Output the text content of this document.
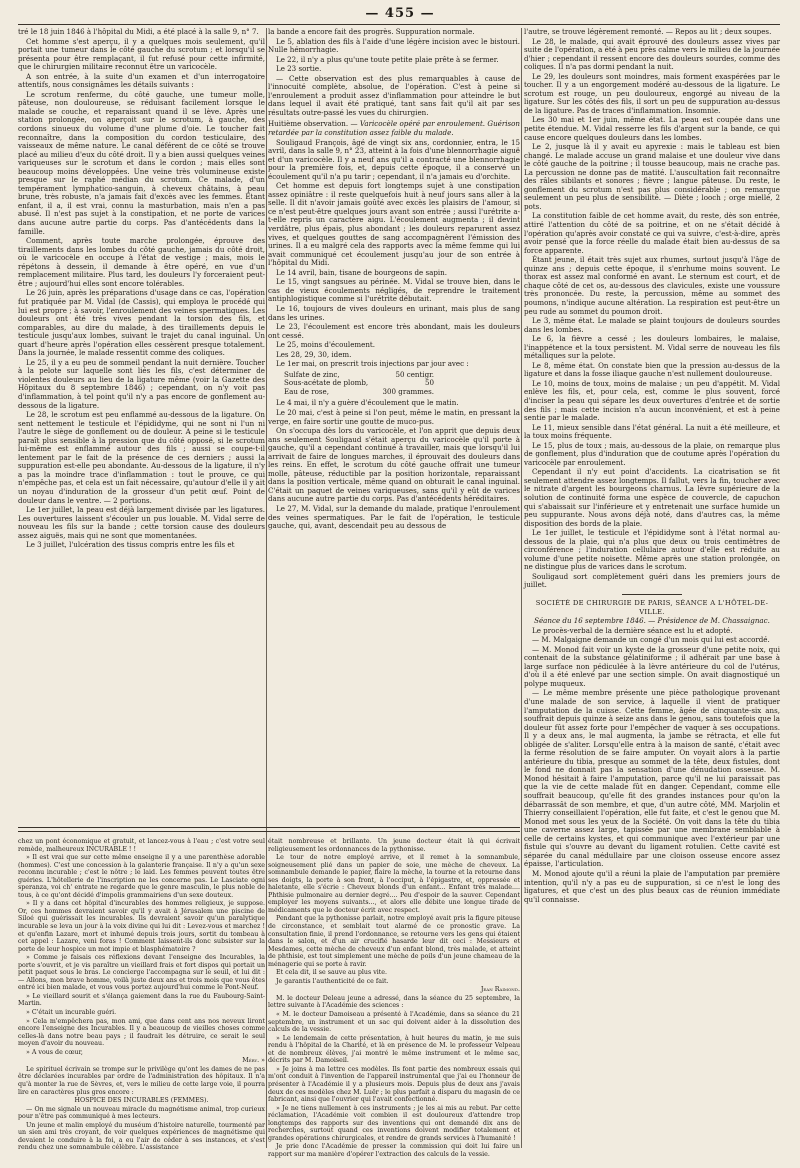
— 455 —

tré le 18 juin 1846 à l'hôpital du Midi, a été placé à la salle 9, n° 7.

Cet homme s'est aperçu, il y a quelques mois seulement, qu'il portait une tumeur dans le côté gauche du scrotum ; et lorsqu'il se présenta pour être remplaçant, il fut refusé pour cette infirmité, que le chirurgien militaire reconnut être un varicocèle.

A son entrée, à la suite d'un examen et d'un interrogatoire attentifs, nous consignâmes les détails suivants :

Le scrotum renferme, du côté gauche, une tumeur molle, pâteuse, non douloureuse, se réduisant facilement lorsque le malade se couche, et reparaissant quand il se lève. Après une station prolongée, on aperçoit sur le scrotum, à gauche, des cordons sinueux du volume d'une plume d'oie. Le toucher fait reconnaître, dans la composition du cordon testiculaire, des vaisseaux de même nature. Le canal déférent de ce côté se trouve placé au milieu d'eux du côté droit. Il y a bien aussi quelques veines variqueuses sur le scrotum et dans le cordon ; mais elles sont beaucoup moins développées. Une veine très volumineuse existe presque sur le raphé médian du scrotum. Ce malade, d'un tempérament lymphatico-sanguin, à cheveux châtains, à peau brune, très robuste, n'a jamais fait d'excès avec les femmes. Étant enfant, il a, il est vrai, connu la masturbation, mais n'en a pas abusé. Il n'est pas sujet à la constipation, et ne porte de varices dans aucune autre partie du corps. Pas d'antécédents dans la famille.

Comment, après toute marche prolongée, éprouve des tiraillements dans les lombes du côté gauche, jamais du côté droit, où le varicocèle en occupe à l'état de vestige ; mais, mois le répétons à dessein, il demande à être opéré, en vue d'un remplacement militaire. Plus tard, les douleurs l'y forceraient peut-être ; aujourd'hui elles sont encore tolérables.

Le 26 juin, après les préparations d'usage dans ce cas, l'opération fut pratiquée par M. Vidal (de Cassis), qui employa le procédé qui lui est propre ; à savoir, l'enroulement des veines spermatiques. Les douleurs ont été très vives pendant la torsion des fils, et comparables, au dire du malade, à des tiraillements depuis le testicule jusqu'aux lombes, suivant le trajet du canal inguinal. Un quart d'heure après l'opération elles cessèrent presque totalement. Dans la journée, le malade ressentit comme des coliques.

Le 25, il y a eu peu de sommeil pendant la nuit dernière. Toucher à la pelote sur laquelle sont liés les fils, c'est déterminer de violentes douleurs au lieu de la ligature même (voir la Gazette des Hôpitaux du 8 septembre 1846) ; cependant, on n'y voit pas d'inflammation, à tel point qu'il n'y a pas encore de gonflement au-dessous de la ligature.

Le 28, le scrotum est peu enflammé au-dessous de la ligature. On sent nettement le testicule et l'épididyme, qui ne sont ni l'un ni l'autre le siège de gonflement ou de douleur. A peine si le testicule paraît plus sensible à la pression que du côté opposé, si le scrotum lui-même est enflammé autour des fils ; aussi se coupe-t-il lentement par le fait de la présence de ces derniers ; aussi la suppuration est-elle peu abondante. Au-dessous de la ligature, il n'y a pas la moindre trace d'inflammation : tout le prouve, ce qui n'empêche pas, et cela est un fait nécessaire, qu'autour d'elle il y ait un noyau d'induration de la grosseur d'un petit œuf. Point de douleur dans le ventre. — 2 portions.

Le 1er juillet, la peau est déjà largement divisée par les ligatures. Les ouvertures laissent s'écouler un pus louable. M. Vidal serre de nouveau les fils sur la bande ; cette torsion cause des douleurs assez aiguës, mais qui ne sont que momentanées.

Le 3 juillet, l'ulcération des tissus compris entre les fils et

la bande a encore fait des progrès. Suppuration normale.

Le 5, ablation des fils à l'aide d'une légère incision avec le bistouri. Nulle hémorrhagie.

Le 22, il n'y a plus qu'une toute petite plaie prête à se fermer.

Le 23 sortie.

— Cette observation est des plus remarquables à cause de l'innocuité complète, absolue, de l'opération. C'est à peine si l'enroulement a produit assez d'inflammation pour atteindre le but dans lequel il avait été pratiqué, tant sans fait qu'il ait par ses résultats outre-passé les vues du chirurgien.

Huitième observation. — Varicocèle opéré par enroulement. Guérison retardée par la constitution assez faible du malade.

Souligaud François, âgé de vingt six ans, cordonnier, entra, le 15 avril, dans la salle 9, n° 23, atteint à la fois d'une blennorrhagie aiguë et d'un varicocèle. Il y a neuf ans qu'il a contracté une blennorrhagie pour la première fois, et, depuis cette époque, il a conservé un écoulement qu'il n'a pu tarir ; cependant, il n'a jamais eu d'orchite.

Cet homme est depuis fort longtemps sujet à une constipation assez opiniâtre : il reste quelquefois huit à neuf jours sans aller à la selle. Il dit n'avoir jamais goûté avec excès les plaisirs de l'amour, si ce n'est peut-être quelques jours avant son entrée ; aussi l'urétrite a-t-elle repris un caractère aigu. L'écoulement augmenta ; il devint verdâtre, plus épais, plus abondant ; les douleurs reparurent assez vives, et quelques gouttes de sang accompagnèrent l'émission des urines. Il a eu malgré cela des rapports avec la même femme qui lui avait communiqué cet écoulement jusqu'au jour de son entrée à l'hôpital du Midi.

Le 14 avril, bain, tisane de bourgeons de sapin.

Le 15, vingt sangsues au périnée. M. Vidal se trouve bien, dans le cas de vieux écoulements négligés, de reprendre le traitement antiphlogistique comme si l'urétrite débutait.

Le 16, toujours de vives douleurs en urinant, mais plus de sang dans les urines.

Le 23, l'écoulement est encore très abondant, mais les douleurs ont cessé.

Le 25, moins d'écoulement.

Les 28, 29, 30, idem.

Le 1er mai, on prescrit trois injections par jour avec :

Sulfate de zinc,	50 centigr.
Sous-acétate de plomb,	50
Eau de rose,	300 grammes.

Le 4 mai, il n'y a guère d'écoulement que le matin.

Le 20 mai, c'est à peine si l'on peut, même le matin, en pressant la verge, en faire sortir une goutte de muco-pus.

On s'occupa dès lors du varicocèle, et l'on apprit que depuis deux ans seulement Souligaud s'était aperçu du varicocèle qu'il porte à gauche, qu'il a cependant continué à travailler, mais que lorsqu'il lui arrivait de faire de longues marches, il éprouvait des douleurs dans les reins. En effet, le scrotum du côté gauche offrait une tumeur molle, pâteuse, réductible par la position horizontale, reparaissant dans la position verticale, même quand on obturait le canal inguinal. C'était un paquet de veines variqueuses, sans qu'il y eût de varices dans aucune autre partie du corps. Pas d'antécédents héréditaires.

Le 27, M. Vidal, sur la demande du malade, pratique l'enroulement des veines spermatiques. Par le fait de l'opération, le testicule gauche, qui, avant, descendait peu au dessous de

l'autre, se trouve légèrement remonté. — Repos au lit ; deux soupes.

Le 28, le malade, qui avait éprouvé des douleurs assez vives par suite de l'opération, a été à peu près calme vers le milieu de la journée d'hier ; cependant il ressent encore des douleurs sourdes, comme des coliques. Il n'a pas dormi pendant la nuit.

Le 29, les douleurs sont moindres, mais forment exaspérées par le toucher. Il y a un engorgement modéré au-dessous de la ligature. Le scrotum est rouge, un peu douloureux, engorgé au niveau de la ligature. Sur les côtés des fils, il sort un peu de suppuration au-dessus de la ligature. Pas de traces d'inflammation. Insomnie.

Les 30 mai et 1er juin, même état. La peau est coupée dans une petite étendue. M. Vidal resserre les fils d'argent sur la bande, ce qui cause encore quelques douleurs dans les lombes.

Le 2, jusque là il y avait eu apyrexie : mais le tableau est bien changé. Le malade accuse un grand malaise et une douleur vive dans le côté gauche de la poitrine ; il tousse beaucoup, mais ne crache pas. La percussion ne donne pas de matité. L'auscultation fait reconnaître des râles sibilants et sonores ; fièvre ; langue pâteuse. Du reste, le gonflement du scrotum n'est pas plus considérable ; on remarque seulement un peu plus de sensibilité. — Diète ; looch ; orge miellé, 2 pots.

La constitution faible de cet homme avait, du reste, dès son entrée, attiré l'attention du côté de sa poitrine, et on ne s'était décidé à l'opération qu'après avoir constaté ce qui va suivre, c'est-à-dire, après avoir pensé que la force réelle du malade était bien au-dessus de sa force apparente.

Étant jeune, il était très sujet aux rhumes, surtout jusqu'à l'âge de quinze ans ; depuis cette époque, il s'enrhume moins souvent. Le thorax est assez mal conformé en avant. Le sternum est court, et de chaque côté de cet os, au-dessous des clavicules, existe une voussure très prononcée. Du reste, la percussion, même au sommet des poumons, n'indique aucune altération. La respiration est peut-être un peu rude au sommet du poumon droit.

Le 3, même état. Le malade se plaint toujours de douleurs sourdes dans les lombes.

Le 6, la fièvre a cessé ; les douleurs lombaires, le malaise, l'inappétence et la toux persistent. M. Vidal serre de nouveau les fils métalliques sur la pelote.

Le 8, même état. On constate bien que la pression au-dessus de la ligature et dans la fosse iliaque gauche n'est nullement douloureuse.

Le 10, moins de toux, moins de malaise ; un peu d'appétit. M. Vidal enlève les fils, et, pour cela, est, comme le plus souvent, forcé d'inciser la peau qui sépare les deux ouvertures d'entrée et de sortie des fils ; mais cette incision n'a aucun inconvénient, et est à peine sentie par le malade.

Le 11, mieux sensible dans l'état général. La nuit a été meilleure, et la toux moins fréquente.

Le 15, plus de toux ; mais, au-dessous de la plaie, on remarque plus de gonflement, plus d'induration que de coutume après l'opération du varicocèle par enroulement.

Cependant il n'y eut point d'accidents. La cicatrisation se fit seulement attendre assez longtemps. Il fallut, vers la fin, toucher avec le nitrate d'argent les bourgeons charnus. La lèvre supérieure de la solution de continuité forma une espèce de couvercle, de capuchon qui s'abaissait sur l'inférieure et y entretenait une surface humide un peu suppurante. Nous avons déjà noté, dans d'autres cas, la même disposition des bords de la plaie.

Le 1er juillet, le testicule et l'épididyme sont à l'état normal au-dessous de la plaie, qui n'a plus que deux ou trois centimètres de circonférence ; l'induration cellulaire autour d'elle est réduite au volume d'une petite noisette. Même après une station prolongée, on ne distingue plus de varices dans le scrotum.

Souligaud sort complètement guéri dans les premiers jours de juillet.

SOCIÉTÉ DE CHIRURGIE DE PARIS, SÉANCE A L'HÔTEL-DE-VILLE.

Séance du 16 septembre 1846. — Présidence de M. Chassaignac.

Le procès-verbal de la dernière séance est lu et adopté.

— M. Malgaigne demande un congé d'un mois qui lui est accordé.

— M. Monod fait voir un kyste de la grosseur d'une petite noix, qui contenait de la substance gélatiniforme ; il adhérait par une base à large surface non pédiculée à la lèvre antérieure du col de l'utérus, d'où il a été enlevé par une section simple. On avait diagnostiqué un polype muqueux.

— Le même membre présente une pièce pathologique provenant d'une malade de son service, à laquelle il vient de pratiquer l'amputation de la cuisse. Cette femme, âgée de cinquante-six ans, souffrait depuis quinze à seize ans dans le genou, sans toutefois que la douleur fût assez forte pour l'empêcher de vaquer à ses occupations. Il y a deux ans, le mal augmenta, la jambe se rétracta, et elle fut obligée de s'aliter. Lorsqu'elle entra à la maison de santé, c'était avec la ferme résolution de se faire amputer. On voyait alors à la partie antérieure du tibia, presque au sommet de la tête, deux fistules, dont le fond ne donnait pas la sensation d'une dénudation osseuse. M. Monod hésitait à faire l'amputation, parce qu'il ne lui paraissait pas que la vie de cette malade fût en danger. Cependant, comme elle souffrait beaucoup, qu'elle fit des grandes instances pour qu'on la débarrassât de son membre, et que, d'un autre côté, MM. Marjolin et Thierry conseillaient l'opération, elle fut faite, et c'est le genou que M. Monod met sous les yeux de la Société. On voit dans la tête du tibia une caverne assez large, tapissée par une membrane semblable à celle de certains kystes, et qui communique avec l'extérieur par une fistule qui s'ouvre au devant du ligament rotulien. Cette cavité est séparée du canal médullaire par une cloison osseuse encore assez épaisse, l'articulation.

M. Monod ajoute qu'il a réuni la plaie de l'amputation par première intention, qu'il n'y a pas eu de suppuration, si ce n'est le long des ligatures, et que c'est un des plus beaux cas de réunion immédiate qu'il connaisse.

chez un pont économique et gratuit, et lancez-vous à l'eau ; c'est votre seul remède, malheureux INCURABLE ! !

» Il est vrai que sur cette même enseigne il y a une parenthèse adorable (hommes). C'est une concession à la galanterie française. Il n'y a qu'un sexe reconnu incurable ; c'est le nôtre ; le laid. Les femmes peuvent toutes être guéries. L'hôtellerie de l'inscription ne les concerne pas. Le Lasciate ogni speranza, voi ch' entrate ne regarde que le genre masculin, le plus noble de tous, à ce qu'ont décidé d'impolis grammairiens d'un sexe douteux.

» Il y a dans cet hôpital d'incurables des hommes religieux, je suppose. Or, ces hommes devraient savoir qu'il y avait à Jérusalem une piscine de Siloé qui guérissait les incurables. Ils devraient savoir qu'un paralytique incurable se leva un jour à la voix divine qui lui dit : Levez-vous et marchez ! et qu'enfin Lazare, mort et inhumé depuis trois jours, sortit du tombeau à cet appel : Lazare, veni foras ! Comment laissent-ils donc subsister sur la porte de leur hospice un mot impie et blasphématoire ?

» Comme je faisais ces réflexions devant l'enseigne des Incurables, la porte s'ouvrit, et je vis paraître un vieillard frais et fort dispos qui portait un petit paquet sous le bras. Le concierge l'accompagna sur le seuil, et lui dit : — Allons, mon brave homme, voilà juste deux ans et trois mois que vous êtes entré ici bien malade, et vous vous portez aujourd'hui comme le Pont-Neuf.

» Le vieillard sourit et s'élança gaiement dans la rue du Faubourg-Saint-Martin.

» C'était un incurable guéri.

» Cela m'empêchera pas, mon ami, que dans cent ans nos neveux liront encore l'enseigne des Incurables. Il y a beaucoup de vieilles choses comme celles-là dans notre beau pays ; il faudrait les détruire, ce serait le seul moyen d'avoir du nouveau.

» A vous de cœur,

Méry. »

Le spirituel écrivain se trompe sur le privilège qu'ont les dames de ne pas être déclarées incurables par ordre de l'administration des hôpitaux. Il n'a qu'à monter la rue de Sèvres, et, vers le milieu de cette large voie, il pourra lire en caractères plus gros encore :

HOSPICE DES INCURABLES (FEMMES).

— On me signale un nouveau miracle du magnétisme animal, trop curieux pour n'être pas communiqué à mes lecteurs.

Un jeune et malin employé du muséum d'histoire naturelle, tourmenté par un sien ami très croyant, de voir quelques expériences de magnétisme qui devaient le conduire à la foi, a eu l'air de céder à ses instances, et s'est rendu chez une somnambule célèbre. L'assistance

était nombreuse et brillante. Un jeune docteur était là qui écrivait religieusement les ordonnances de la pythonisse.

Le tour de notre employé arrive, et il remet à la somnambule, soigneusement plié dans un papier de soie, une mèche de cheveux. La somnambule demande le papier, flaire la mèche, la tourne et la retourne dans ses doigts, la porte à son front, à l'occiput, à l'épigastre, et, oppressée et haletante, elle s'écrie : Cheveux blonds d'un enfant... Enfant très malade.... Phthisie pulmonaire au dernier degré.... Peu d'espoir de la sauver. Cependant employer les moyens suivants..., et alors elle débite une longue tirade de médicaments que le docteur écrit avec respect.

Pendant que la pythonisse parlait, notre employé avait pris la figure piteuse de circonstance, et semblait tout alarmé de ce pronostic grave. La consultation finie, il prend l'ordonnance, se retourne vers les gens qui étaient dans le salon, et d'un air crucifié hasarde leur dit ceci : Messieurs et Mesdames, cette mèche de cheveux d'un enfant blond, très malade, et atteint de phthisie, est tout simplement une mèche de poils d'un jeune chameau de la ménagerie qui se porte à ravir.

Et cela dit, il se sauve au plus vite.

Je garantis l'authenticité de ce fait.

Jean Raimond.

M. le docteur Deleau jeune a adressé, dans la séance du 25 septembre, la lettre suivante à l'Académie des sciences :

« M. le docteur Damoiseau a présenté à l'Académie, dans sa séance du 21 septembre, un instrument et un sac qui doivent aider à la dissolution des calculs de la vessie.

» Le lendemain de cette présentation, à huit heures du matin, je me suis rendu à l'hôpital de la Charité, et là en présence de M. le professeur Velpeau et de nombreux élèves, j'ai montré le même instrument et le même sac, décrits par M. Damoiseil.

» Je joins à ma lettre ces modèles. Ils font partie des nombreux essais qui m'ont conduit à l'invention de l'appareil instrumental que j'ai eu l'honneur de présenter à l'Académie il y a plusieurs mois. Depuis plus de deux ans j'avais deux de ces modèles chez M. Luër ; le plus parfait a disparu du magasin de ce fabricant, ainsi que l'ouvrier qui l'avait confectionné.

» Je ne tiens nullement à ces instruments ; je les ai mis au rebut. Par cette réclamation, l'Académie voit combien il est douloureux d'attendre trop longtemps des rapports sur des inventions qui ont demandé dix ans de recherches, surtout quand ces inventions doivent modifier totalement et grandes opérations chirurgicales, et rendre de grands services à l'humanité !

Je prie donc l'Académie de presser la commission qui doit lui faire un rapport sur ma manière d'opérer l'extraction des calculs de la vessie.
